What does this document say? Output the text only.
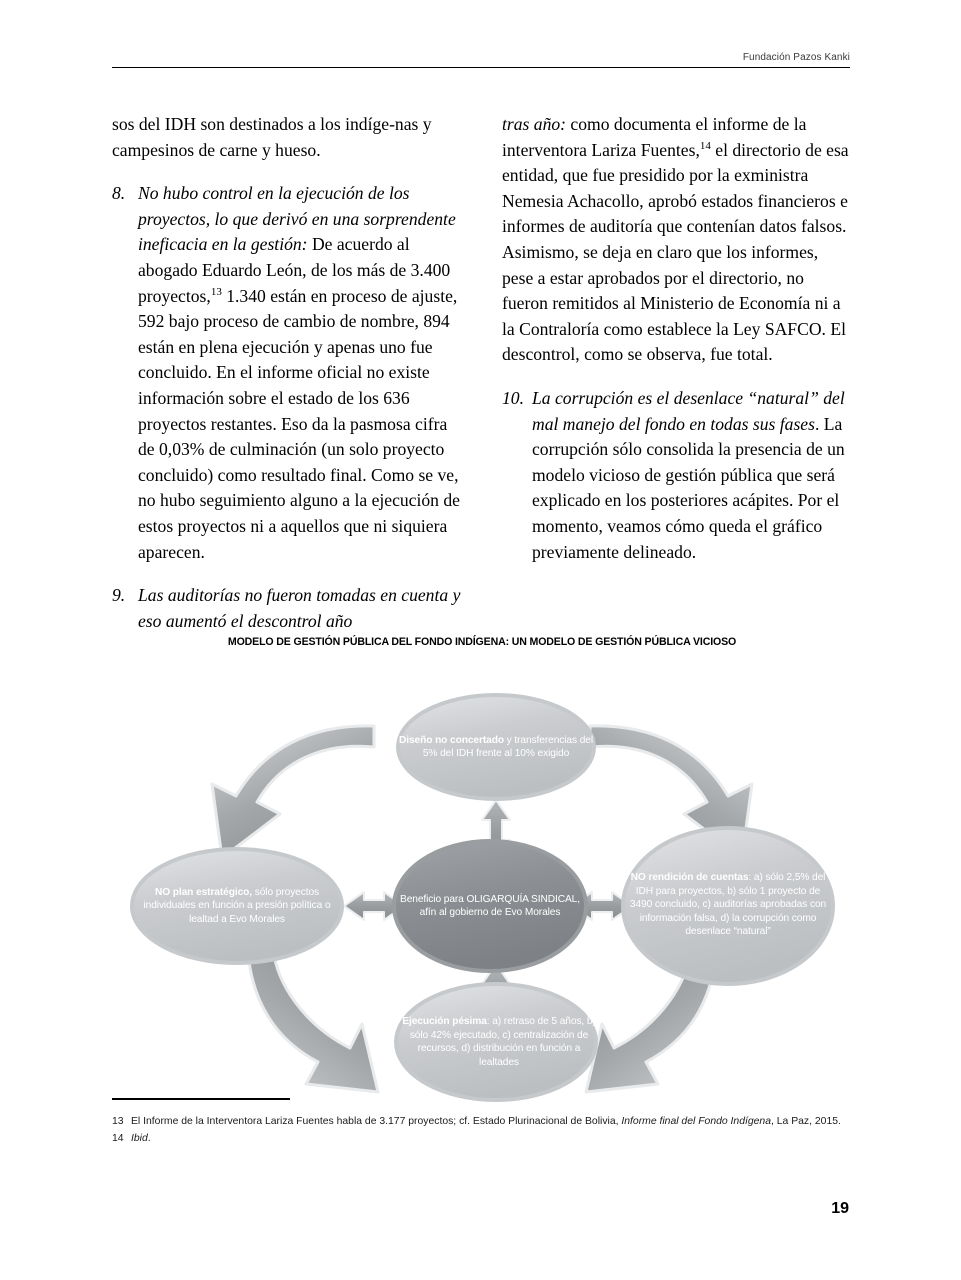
Fundación Pazos Kanki

sos del IDH son destinados a los indíge-nas y campesinos de carne y hueso.

8. No hubo control en la ejecución de los proyectos, lo que derivó en una sorprendente ineficacia en la gestión: De acuerdo al abogado Eduardo León, de los más de 3.400 proyectos,$^{13}$ 1.340 están en proceso de ajuste, 592 bajo proceso de cambio de nombre, 894 están en plena ejecución y apenas uno fue concluido. En el informe oficial no existe información sobre el estado de los 636 proyectos restantes. Eso da la pasmosa cifra de 0,03% de culminación (un solo proyecto concluido) como resultado final. Como se ve, no hubo seguimiento alguno a la ejecución de estos proyectos ni a aquellos que ni siquiera aparecen.
9. Las auditorías no fueron tomadas en cuenta y eso aumentó el descontrol año

tras año: como documenta el informe de la interventora Lariza Fuentes,$^{14}$ el directorio de esa entidad, que fue presidido por la exministra Nemesia Achacollo, aprobó estados financieros e informes de auditoría que contenían datos falsos. Asimismo, se deja en claro que los informes, pese a estar aprobados por el directorio, no fueron remitidos al Ministerio de Economía ni a la Contraloría como establece la Ley SAFCO. El descontrol, como se observa, fue total.

10. La corrupción es el desenlace “natural” del mal manejo del fondo en todas sus fases. La corrupción sólo consolida la presencia de un modelo vicioso de gestión pública que será explicado en los posteriores acápites. Por el momento, veamos cómo queda el gráfico previamente delineado.
MODELO DE GESTIÓN PÚBLICA DEL FONDO INDÍGENA: UN MODELO DE GESTIÓN PÚBLICA VICIOSO
Diseño no concertado y transferencias del 5% del IDH frente al 10% exigido
NO plan estratégico, sólo proyectos individuales en función a presión política o lealtad a Evo Morales
Beneficio para OLIGARQUÍA SINDICAL, afín al gobierno de Evo Morales
NO rendición de cuentas: a) sólo 2,5% del IDH para proyectos, b) sólo 1 proyecto de 3490 concluido, c) auditorías aprobadas con información falsa, d) la corrupción como desenlace “natural”
Ejecución pésima: a) retraso de 5 años, b) sólo 42% ejecutado, c) centralización de recursos, d) distribución en función a lealtades
13 El Informe de la Interventora Lariza Fuentes habla de 3.177 proyectos; cf. Estado Plurinacional de Bolivia, Informe final del Fondo Indígena, La Paz, 2015.
14 Ibid.
19
